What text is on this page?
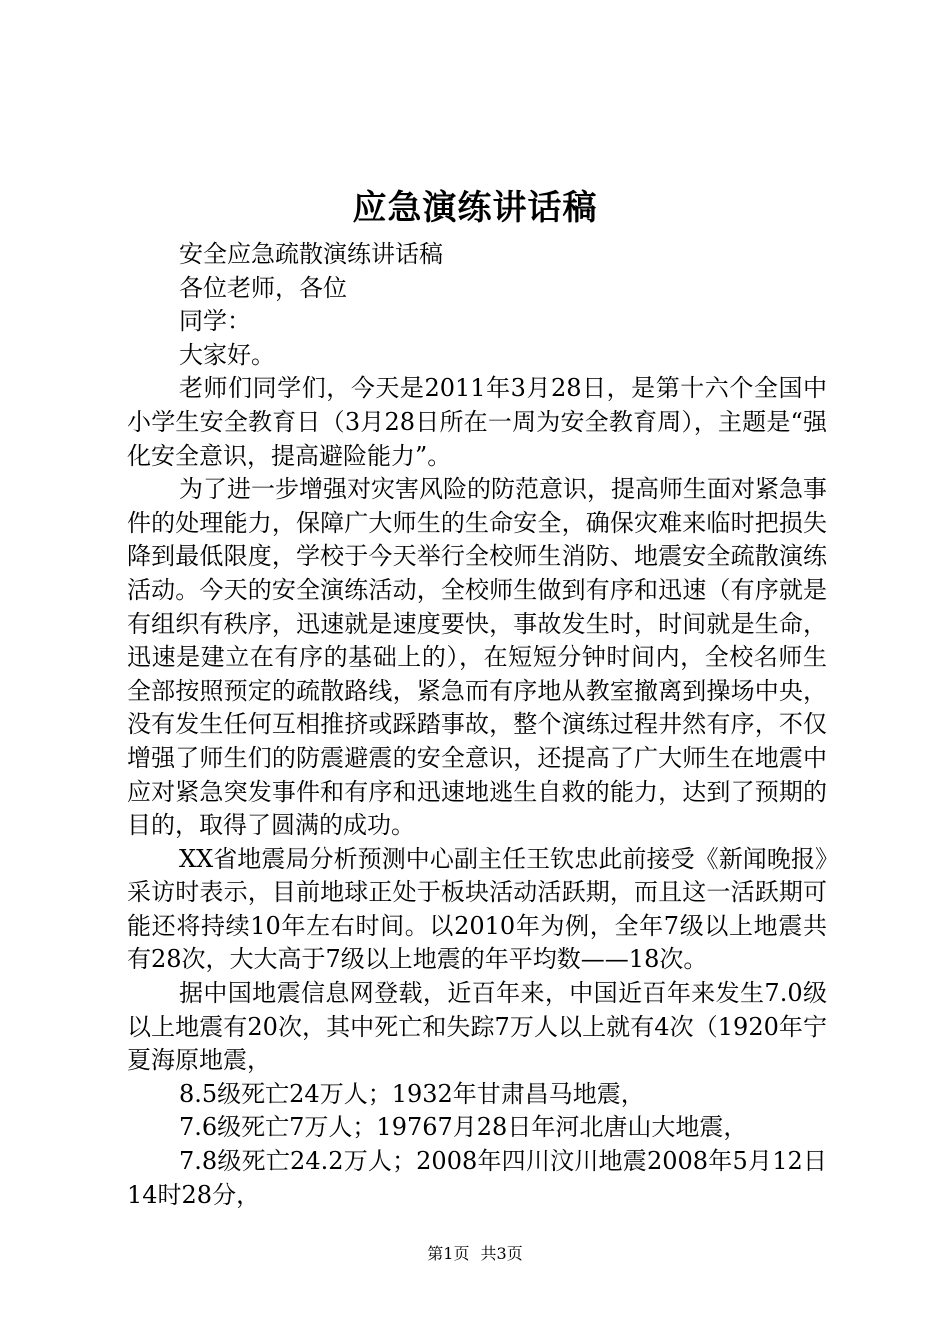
应急演练讲话稿

安全应急疏散演练讲话稿

各位老师，各位

同学：

大家好。

老师们同学们，今天是2011年3月28日，是第十六个全国中小学生安全教育日（3月28日所在一周为安全教育周），主题是“强化安全意识，提高避险能力”。

为了进一步增强对灾害风险的防范意识，提高师生面对紧急事件的处理能力，保障广大师生的生命安全，确保灾难来临时把损失降到最低限度，学校于今天举行全校师生消防、地震安全疏散演练活动。今天的安全演练活动，全校师生做到有序和迅速（有序就是有组织有秩序，迅速就是速度要快，事故发生时，时间就是生命，迅速是建立在有序的基础上的），在短短分钟时间内，全校名师生全部按照预定的疏散路线，紧急而有序地从教室撤离到操场中央，没有发生任何互相推挤或踩踏事故，整个演练过程井然有序，不仅增强了师生们的防震避震的安全意识，还提高了广大师生在地震中应对紧急突发事件和有序和迅速地逃生自救的能力，达到了预期的目的，取得了圆满的成功。

XX省地震局分析预测中心副主任王钦忠此前接受《新闻晚报》采访时表示，目前地球正处于板块活动活跃期，而且这一活跃期可能还将持续10年左右时间。以2010年为例，全年7级以上地震共有28次，大大高于7级以上地震的年平均数——18次。

据中国地震信息网登载，近百年来，中国近百年来发生7.0级以上地震有20次，其中死亡和失踪7万人以上就有4次（1920年宁夏海原地震，

8.5级死亡24万人；1932年甘肃昌马地震，

7.6级死亡7万人；19767月28日年河北唐山大地震，

7.8级死亡24.2万人；2008年四川汶川地震2008年5月12日14时28分，

第1页 共3页
